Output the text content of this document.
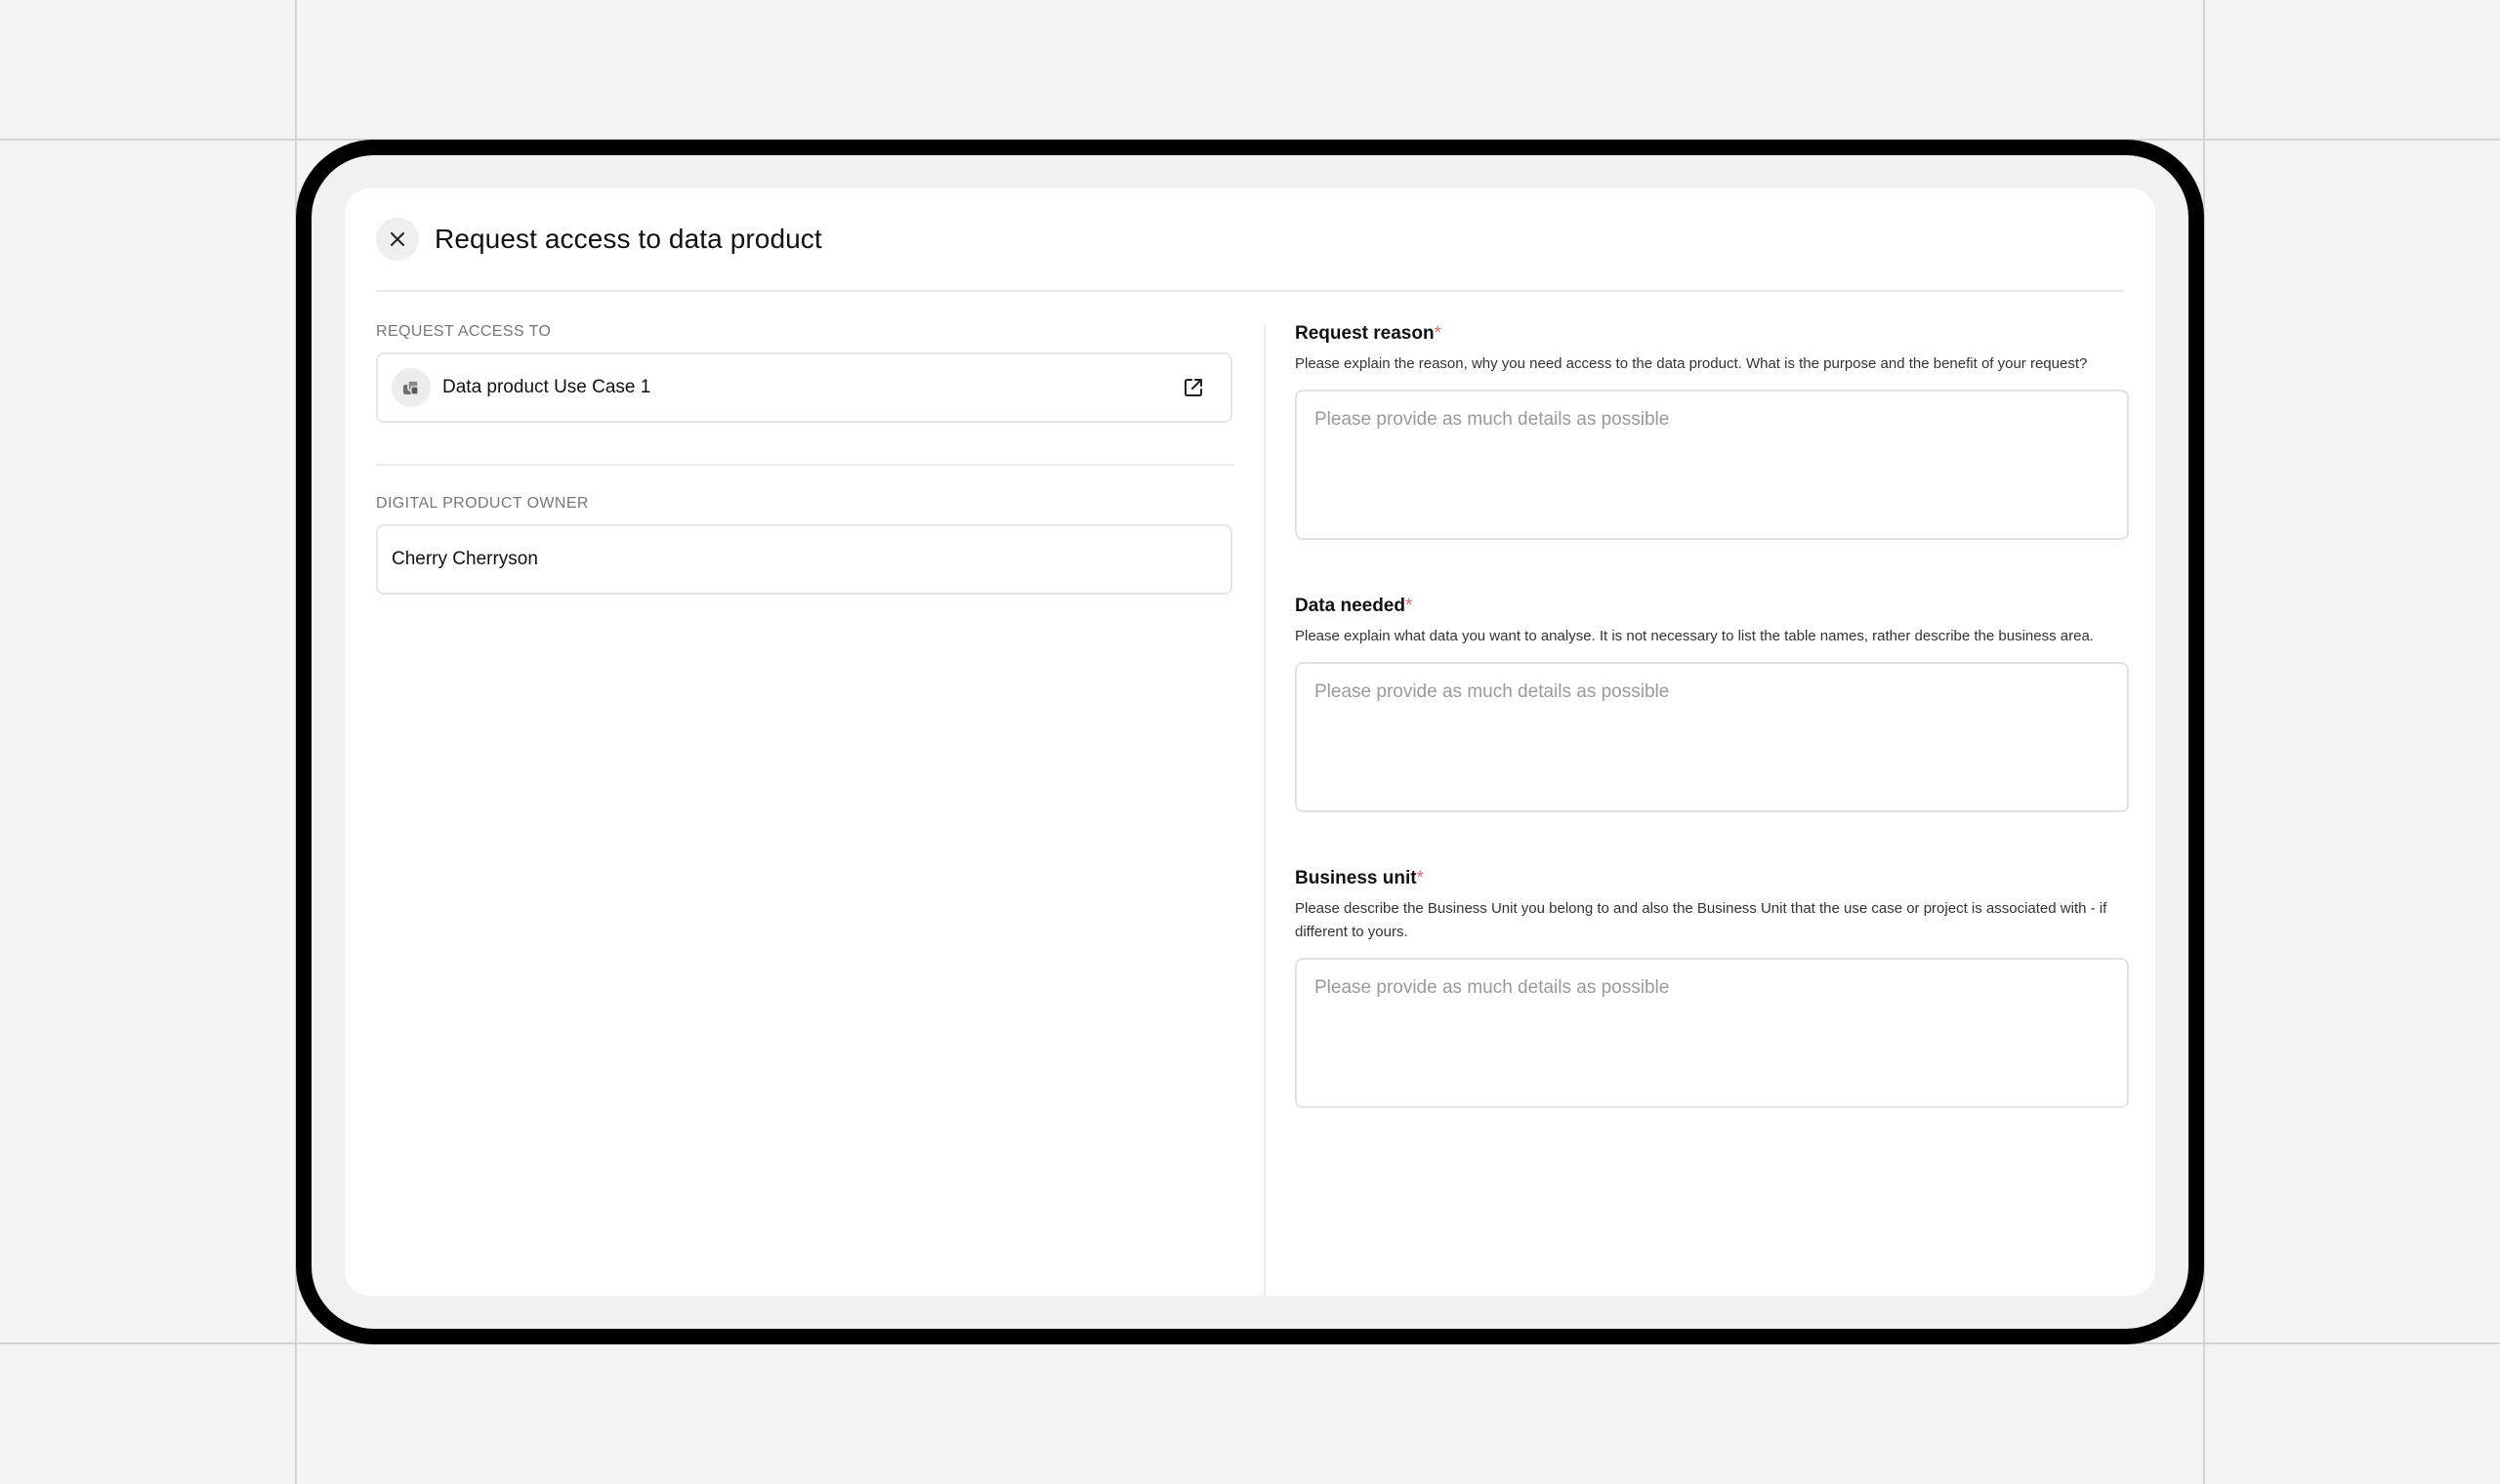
Request access to data product
REQUEST ACCESS TO
Data product Use Case 1
DIGITAL PRODUCT OWNER
Cherry Cherryson
Request reason*
Please explain the reason, why you need access to the data product. What is the purpose and the benefit of your request?
Please provide as much details as possible
Data needed*
Please explain what data you want to analyse. It is not necessary to list the table names, rather describe the business area.
Please provide as much details as possible
Business unit*
Please describe the Business Unit you belong to and also the Business Unit that the use case or project is associated with - if different to yours.
Please provide as much details as possible
